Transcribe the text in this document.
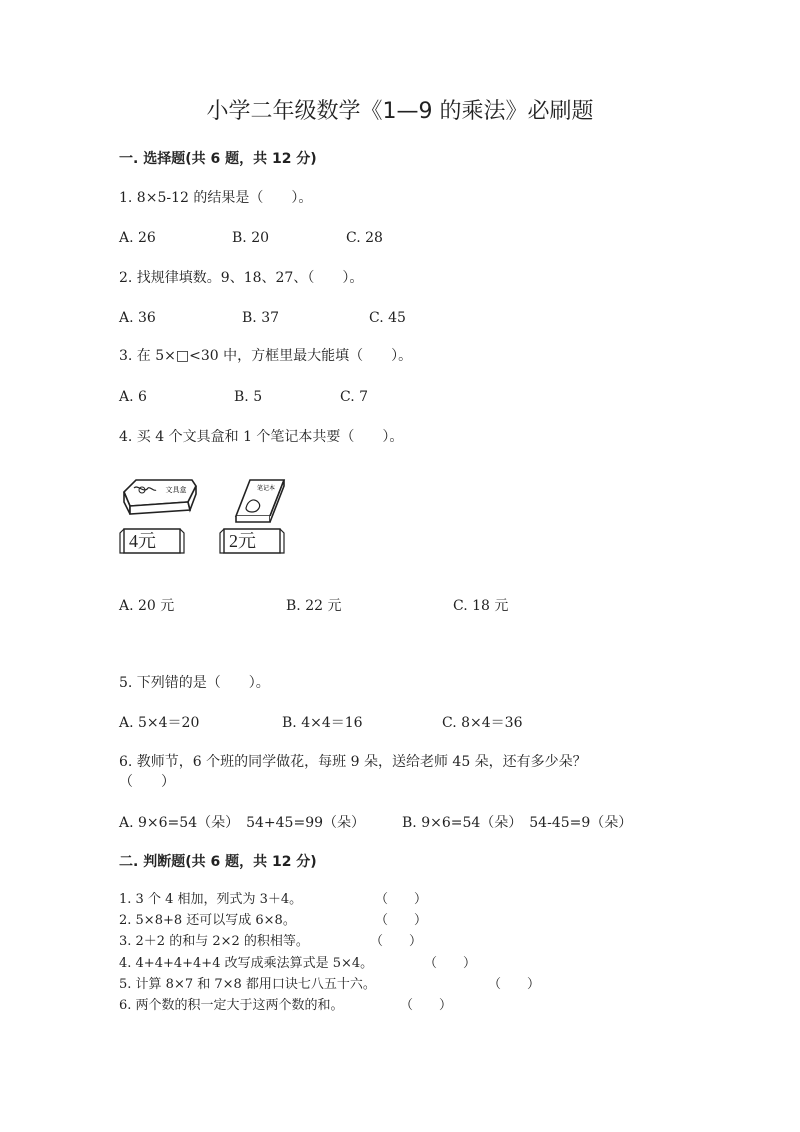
小学二年级数学《1—9 的乘法》必刷题
一. 选择题(共 6 题，共 12 分)
1. 8×5-12 的结果是（　　）。
A. 26	B. 20	C. 28
2. 找规律填数。9、18、27、（　　）。
A. 36	B. 37	C. 45
3. 在 5×□<30 中，方框里最大能填（　　）。
A. 6	B. 5	C. 7
4. 买 4 个文具盒和 1 个笔记本共要（　　）。
文具盒
4元
笔记本
2元
A. 20 元	B. 22 元	C. 18 元
5. 下列错的是（　　）。
A. 5×4＝20	B. 4×4＝16	C. 8×4＝36
6. 教师节，6 个班的同学做花，每班 9 朵，送给老师 45 朵，还有多少朵？
（　　）
A. 9×6=54（朵）　54+45=99（朵）	B. 9×6=54（朵）　54-45=9（朵）
二. 判断题(共 6 题，共 12 分)
1. 3 个 4 相加，列式为 3＋4。	（　　）
2. 5×8+8 还可以写成 6×8。	（　　）
3. 2＋2 的和与 2×2 的积相等。	（　　）
4. 4+4+4+4+4 改写成乘法算式是 5×4。	（　　）
5. 计算 8×7 和 7×8 都用口诀七八五十六。	（　　）
6. 两个数的积一定大于这两个数的和。	（　　）
